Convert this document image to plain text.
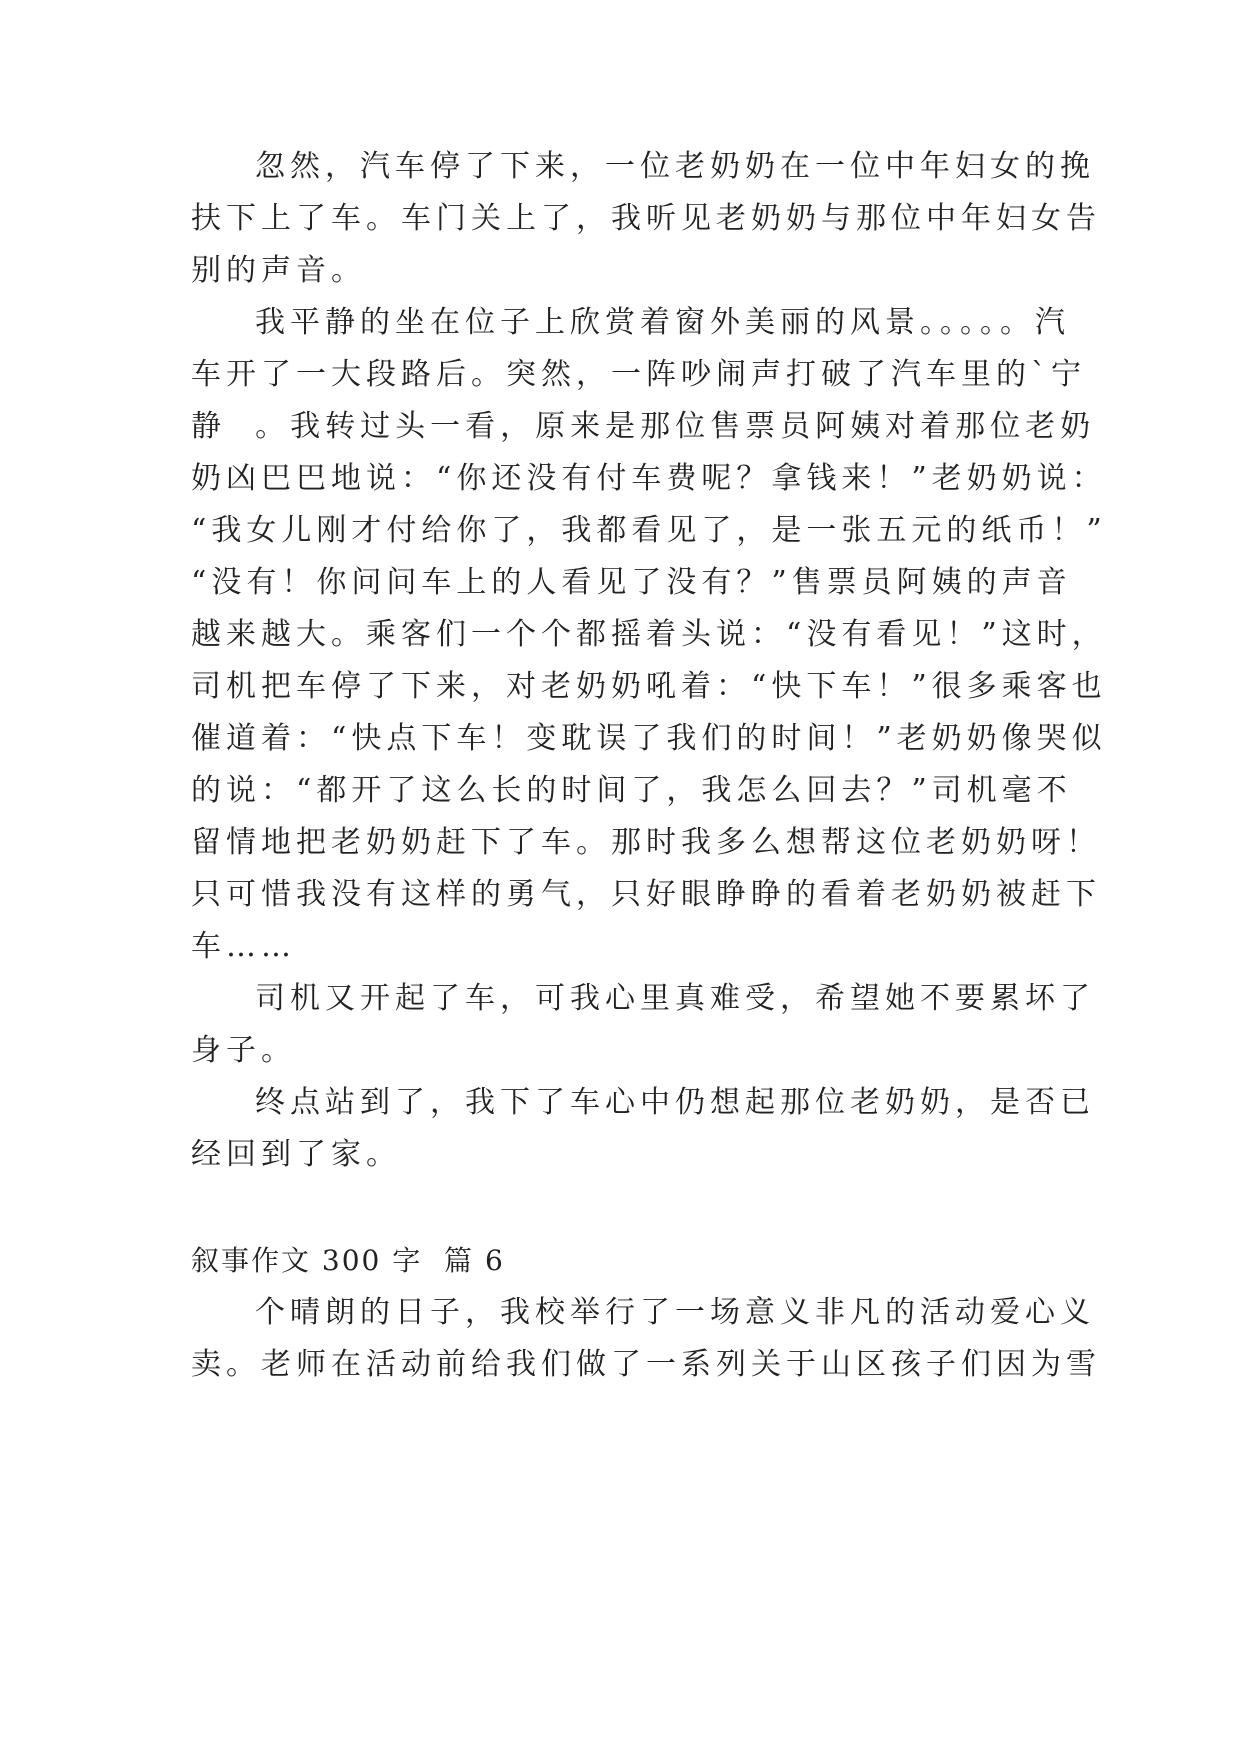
忽然，汽车停了下来，一位老奶奶在一位中年妇女的挽
扶下上了车。车门关上了，我听见老奶奶与那位中年妇女告
别的声音。
我平静的坐在位子上欣赏着窗外美丽的风景。。。。。汽
车开了一大段路后。突然，一阵吵闹声打破了汽车里的`宁
静  。我转过头一看，原来是那位售票员阿姨对着那位老奶
奶凶巴巴地说：“你还没有付车费呢？拿钱来！”老奶奶说：
“我女儿刚才付给你了，我都看见了，是一张五元的纸币！”
“没有！你问问车上的人看见了没有？”售票员阿姨的声音
越来越大。乘客们一个个都摇着头说：“没有看见！”这时，
司机把车停了下来，对老奶奶吼着：“快下车！”很多乘客也
催道着：“快点下车！变耽误了我们的时间！”老奶奶像哭似
的说：“都开了这么长的时间了，我怎么回去？”司机毫不
留情地把老奶奶赶下了车。那时我多么想帮这位老奶奶呀！
只可惜我没有这样的勇气，只好眼睁睁的看着老奶奶被赶下
车……
司机又开起了车，可我心里真难受，希望她不要累坏了
身子。
终点站到了，我下了车心中仍想起那位老奶奶，是否已
经回到了家。
叙事作文 300 字  篇 6
个晴朗的日子，我校举行了一场意义非凡的活动爱心义
卖。老师在活动前给我们做了一系列关于山区孩子们因为雪
